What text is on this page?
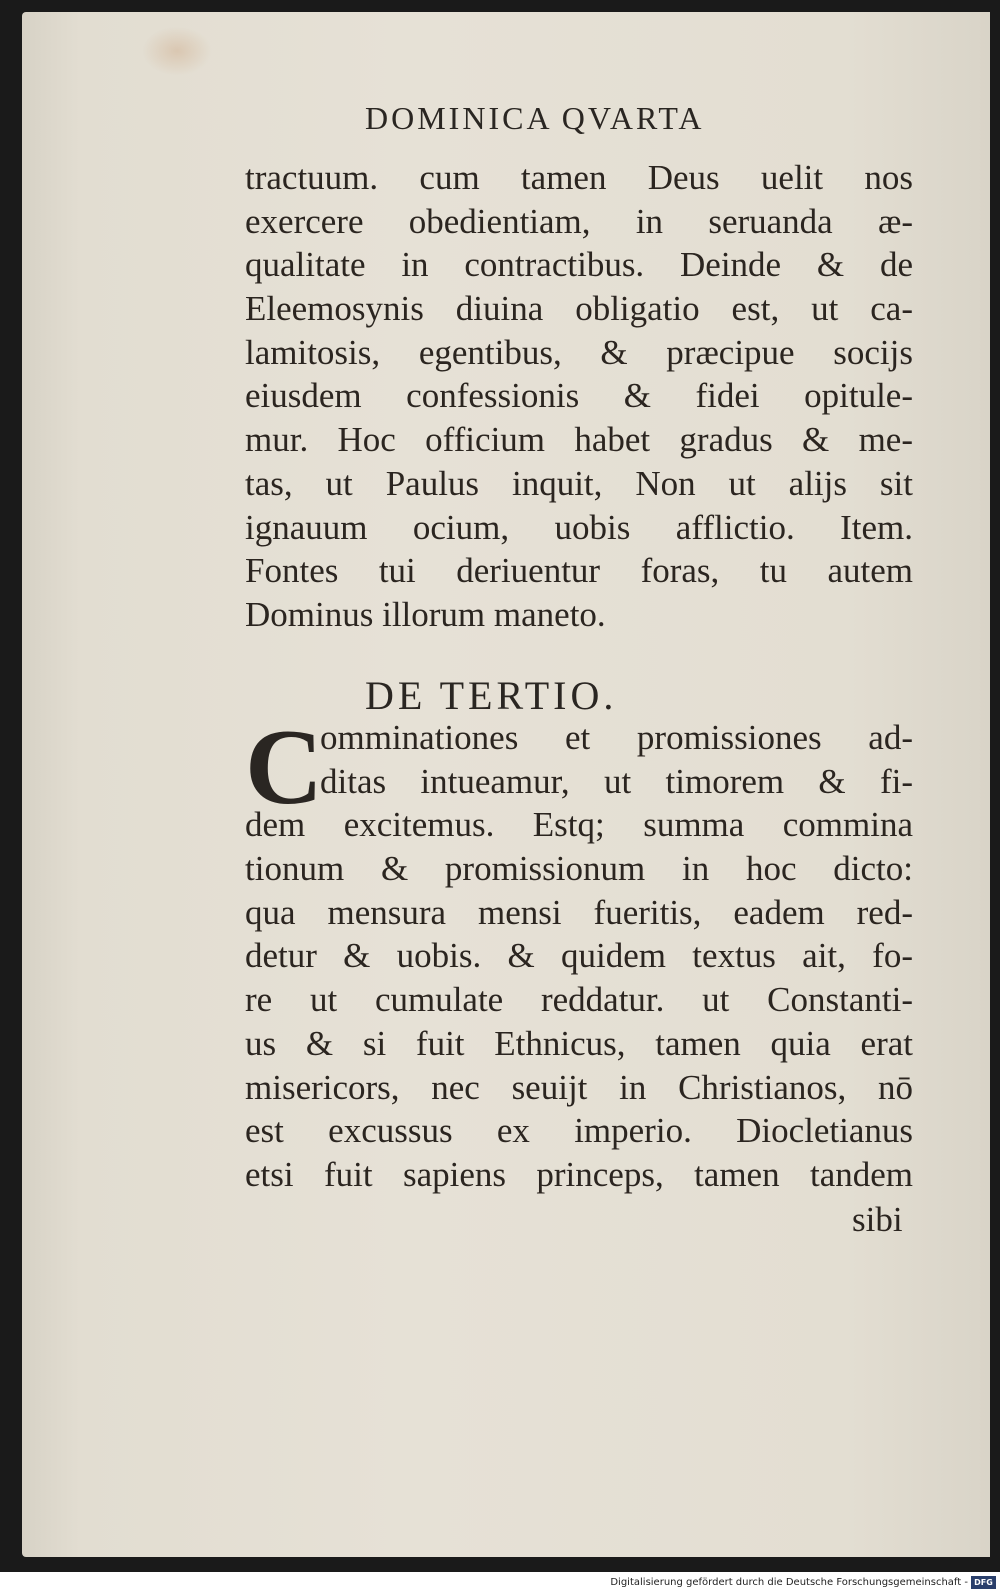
DOMINICA QVARTA
tractuum. cum tamen Deus uelit nos
exercere obedientiam, in seruanda æ-
qualitate in contractibus. Deinde & de
Eleemosynis diuina obligatio est, ut ca-
lamitosis, egentibus, & præcipue socijs
eiusdem confessionis & fidei opitule-
mur. Hoc officium habet gradus & me-
tas, ut Paulus inquit, Non ut alijs sit
ignauum ocium, uobis afflictio. Item.
Fontes tui deriuentur foras, tu autem
Dominus illorum maneto.
DE TERTIO.
C
omminationes et promissiones ad-
ditas intueamur, ut timorem & fi-
dem excitemus. Estq; summa commina
tionum & promissionum in hoc dicto:
qua mensura mensi fueritis, eadem red-
detur & uobis. & quidem textus ait, fo-
re ut cumulate reddatur. ut Constanti-
us & si fuit Ethnicus, tamen quia erat
misericors, nec seuijt in Christianos, nō
est excussus ex imperio. Diocletianus
etsi fuit sapiens princeps, tamen tandem
sibi
Digitalisierung gefördert durch die Deutsche Forschungsgemeinschaft - DFG
